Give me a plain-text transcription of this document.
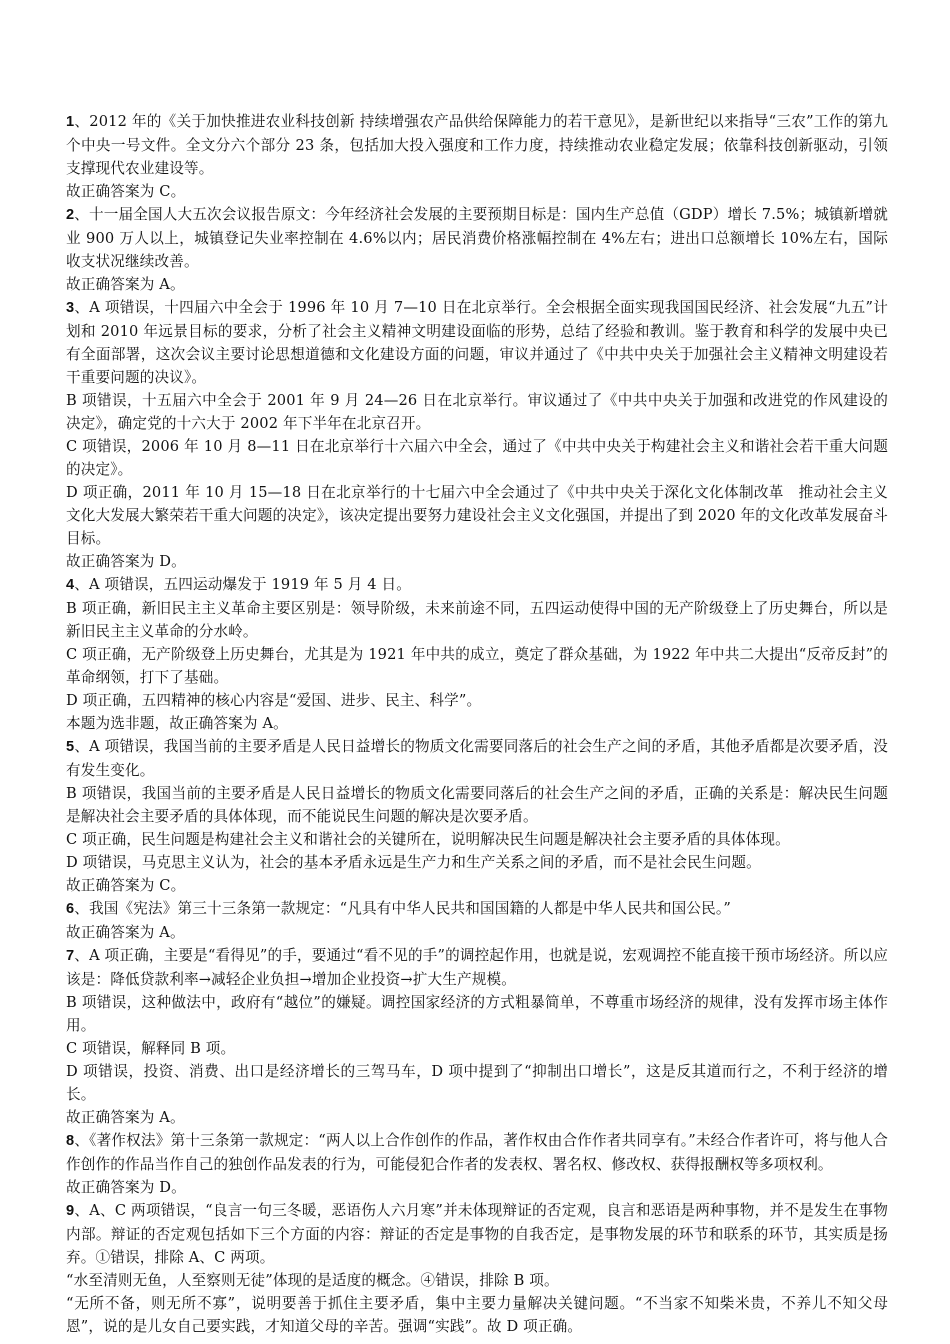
1、2012 年的《关于加快推进农业科技创新 持续增强农产品供给保障能力的若干意见》，是新世纪以来指导“三农”工作的第九个中央一号文件。全文分六个部分 23 条，包括加大投入强度和工作力度，持续推动农业稳定发展；依靠科技创新驱动，引领支撑现代农业建设等。

故正确答案为 C。

2、十一届全国人大五次会议报告原文：今年经济社会发展的主要预期目标是：国内生产总值（GDP）增长 7.5%；城镇新增就业 900 万人以上，城镇登记失业率控制在 4.6%以内；居民消费价格涨幅控制在 4%左右；进出口总额增长 10%左右，国际收支状况继续改善。

故正确答案为 A。

3、A 项错误，十四届六中全会于 1996 年 10 月 7—10 日在北京举行。全会根据全面实现我国国民经济、社会发展“九五”计划和 2010 年远景目标的要求，分析了社会主义精神文明建设面临的形势，总结了经验和教训。鉴于教育和科学的发展中央已有全面部署，这次会议主要讨论思想道德和文化建设方面的问题，审议并通过了《中共中央关于加强社会主义精神文明建设若干重要问题的决议》。

B 项错误，十五届六中全会于 2001 年 9 月 24—26 日在北京举行。审议通过了《中共中央关于加强和改进党的作风建设的决定》，确定党的十六大于 2002 年下半年在北京召开。

C 项错误，2006 年 10 月 8—11 日在北京举行十六届六中全会，通过了《中共中央关于构建社会主义和谐社会若干重大问题的决定》。

D 项正确，2011 年 10 月 15—18 日在北京举行的十七届六中全会通过了《中共中央关于深化文化体制改革　推动社会主义文化大发展大繁荣若干重大问题的决定》，该决定提出要努力建设社会主义文化强国，并提出了到 2020 年的文化改革发展奋斗目标。

故正确答案为 D。

4、A 项错误，五四运动爆发于 1919 年 5 月 4 日。

B 项正确，新旧民主主义革命主要区别是：领导阶级，未来前途不同，五四运动使得中国的无产阶级登上了历史舞台，所以是新旧民主主义革命的分水岭。

C 项正确，无产阶级登上历史舞台，尤其是为 1921 年中共的成立，奠定了群众基础，为 1922 年中共二大提出“反帝反封”的革命纲领，打下了基础。

D 项正确，五四精神的核心内容是“爱国、进步、民主、科学”。

本题为选非题，故正确答案为 A。

5、A 项错误，我国当前的主要矛盾是人民日益增长的物质文化需要同落后的社会生产之间的矛盾，其他矛盾都是次要矛盾，没有发生变化。

B 项错误，我国当前的主要矛盾是人民日益增长的物质文化需要同落后的社会生产之间的矛盾，正确的关系是：解决民生问题是解决社会主要矛盾的具体体现，而不能说民生问题的解决是次要矛盾。

C 项正确，民生问题是构建社会主义和谐社会的关键所在，说明解决民生问题是解决社会主要矛盾的具体体现。

D 项错误，马克思主义认为，社会的基本矛盾永远是生产力和生产关系之间的矛盾，而不是社会民生问题。

故正确答案为 C。

6、我国《宪法》第三十三条第一款规定：“凡具有中华人民共和国国籍的人都是中华人民共和国公民。”

故正确答案为 A。

7、A 项正确，主要是“看得见”的手，要通过“看不见的手”的调控起作用，也就是说，宏观调控不能直接干预市场经济。所以应该是：降低贷款利率→减轻企业负担→增加企业投资→扩大生产规模。

B 项错误，这种做法中，政府有“越位”的嫌疑。调控国家经济的方式粗暴简单，不尊重市场经济的规律，没有发挥市场主体作用。

C 项错误，解释同 B 项。

D 项错误，投资、消费、出口是经济增长的三驾马车，D 项中提到了“抑制出口增长”，这是反其道而行之，不利于经济的增长。

故正确答案为 A。

8、《著作权法》第十三条第一款规定：“两人以上合作创作的作品，著作权由合作作者共同享有。”未经合作者许可，将与他人合作创作的作品当作自己的独创作品发表的行为，可能侵犯合作者的发表权、署名权、修改权、获得报酬权等多项权利。

故正确答案为 D。

9、A、C 两项错误，“良言一句三冬暖，恶语伤人六月寒”并未体现辩证的否定观，良言和恶语是两种事物，并不是发生在事物内部。辩证的否定观包括如下三个方面的内容：辩证的否定是事物的自我否定，是事物发展的环节和联系的环节，其实质是扬弃。①错误，排除 A、C 两项。

“水至清则无鱼，人至察则无徒”体现的是适度的概念。④错误，排除 B 项。

“无所不备，则无所不寡”，说明要善于抓住主要矛盾，集中主要力量解决关键问题。“不当家不知柴米贵，不养儿不知父母恩”，说的是儿女自己要实践，才知道父母的辛苦。强调“实践”。故 D 项正确。
